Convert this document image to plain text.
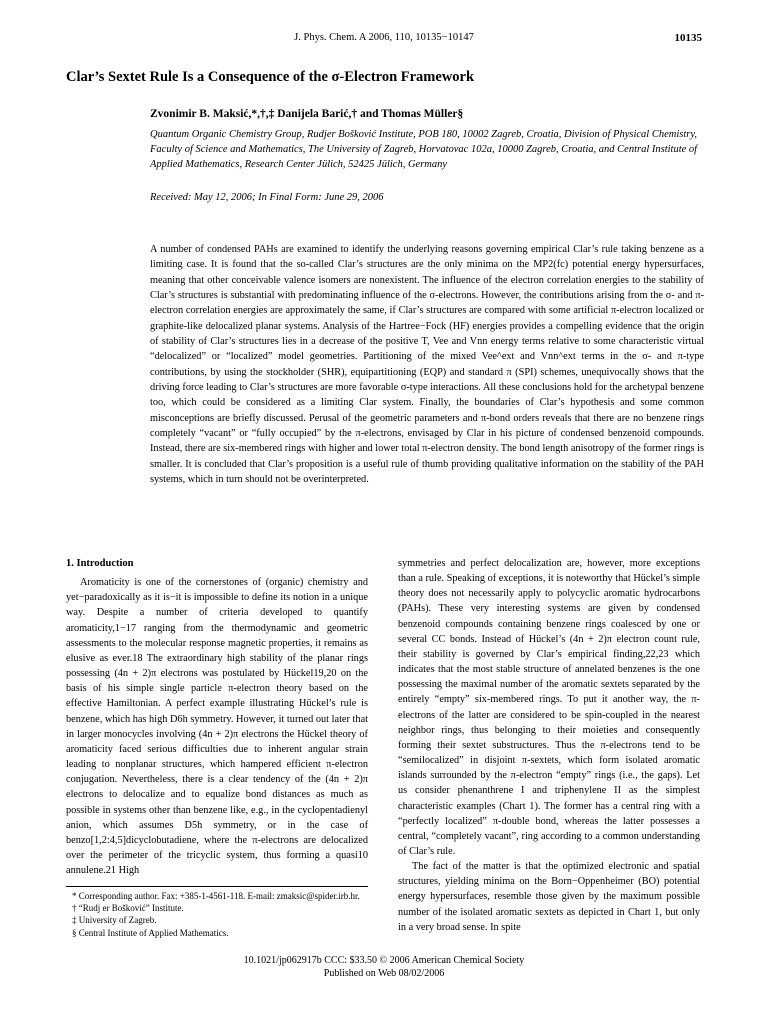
J. Phys. Chem. A 2006, 110, 10135−10147	10135
Clar’s Sextet Rule Is a Consequence of the σ-Electron Framework
Zvonimir B. Maksić,*,†,‡ Danijela Barić,† and Thomas Müller§
Quantum Organic Chemistry Group, Rudjer Bošković Institute, POB 180, 10002 Zagreb, Croatia, Division of Physical Chemistry, Faculty of Science and Mathematics, The University of Zagreb, Horvatovac 102a, 10000 Zagreb, Croatia, and Central Institute of Applied Mathematics, Research Center Jülich, 52425 Jülich, Germany
Received: May 12, 2006; In Final Form: June 29, 2006

A number of condensed PAHs are examined to identify the underlying reasons governing empirical Clar’s rule taking benzene as a limiting case. It is found that the so-called Clar’s structures are the only minima on the MP2(fc) potential energy hypersurfaces, meaning that other conceivable valence isomers are nonexistent. The influence of the electron correlation energies to the stability of Clar’s structures is substantial with predominating influence of the σ-electrons. However, the contributions arising from the σ- and π-electron correlation energies are approximately the same, if Clar’s structures are compared with some artificial π-electron localized or graphite-like delocalized planar systems. Analysis of the Hartree−Fock (HF) energies provides a compelling evidence that the origin of stability of Clar’s structures lies in a decrease of the positive T, Vee and Vnn energy terms relative to some characteristic virtual “delocalized” or “localized” model geometries. Partitioning of the mixed Vee^ext and Vnn^ext terms in the σ- and π-type contributions, by using the stockholder (SHR), equipartitioning (EQP) and standard π (SPI) schemes, unequivocally shows that the driving force leading to Clar’s structures are more favorable σ-type interactions. All these conclusions hold for the archetypal benzene too, which could be considered as a limiting Clar system. Finally, the boundaries of Clar’s hypothesis and some common misconceptions are briefly discussed. Perusal of the geometric parameters and π-bond orders reveals that there are no benzene rings completely “vacant” or “fully occupied” by the π-electrons, envisaged by Clar in his picture of condensed benzenoid compounds. Instead, there are six-membered rings with higher and lower total π-electron density. The bond length anisotropy of the former rings is smaller. It is concluded that Clar’s proposition is a useful rule of thumb providing qualitative information on the stability of the PAH systems, which in turn should not be overinterpreted.

1. Introduction

Aromaticity is one of the cornerstones of (organic) chemistry and yet−paradoxically as it is−it is impossible to define its notion in a unique way. Despite a number of criteria developed to quantify aromaticity,1−17 ranging from the thermodynamic and geometric assessments to the molecular response magnetic properties, it remains as elusive as ever.18 The extraordinary high stability of the planar rings possessing (4n + 2)π electrons was postulated by Hückel19,20 on the basis of his simple single particle π-electron theory based on the effective Hamiltonian. A perfect example illustrating Hückel’s rule is benzene, which has high D6h symmetry. However, it turned out later that in larger monocycles involving (4n + 2)π electrons the Hückel theory of aromaticity faced serious difficulties due to inherent angular strain leading to nonplanar structures, which hampered efficient π-electron conjugation. Nevertheless, there is a clear tendency of the (4n + 2)π electrons to delocalize and to equalize bond distances as much as possible in systems other than benzene like, e.g., in the cyclopentadienyl anion, which assumes D5h symmetry, or in the case of benzo[1,2:4,5]dicyclobutadiene, where the π-electrons are delocalized over the perimeter of the tricyclic system, thus forming a quasi10 annulene.21 High

symmetries and perfect delocalization are, however, more exceptions than a rule. Speaking of exceptions, it is noteworthy that Hückel’s simple theory does not necessarily apply to polycyclic aromatic hydrocarbons (PAHs). These very interesting systems are given by condensed benzenoid compounds containing benzene rings coalesced by one or several CC bonds. Instead of Hückel’s (4n + 2)π electron count rule, their stability is governed by Clar’s empirical finding,22,23 which indicates that the most stable structure of annelated benzenes is the one possessing the maximal number of the aromatic sextets separated by the entirely “empty” six-membered rings. To put it another way, the π-electrons of the latter are considered to be spin-coupled in the nearest neighbor rings, thus belonging to their moieties and consequently forming their sextet substructures. Thus the π-electrons tend to be “semilocalized” in disjoint π-sextets, which form isolated aromatic islands surrounded by the π-electron “empty” rings (i.e., the gaps). Let us consider phenanthrene I and triphenylene II as the simplest characteristic examples (Chart 1). The former has a central ring with a “perfectly localized” π-double bond, whereas the latter possesses a central, “completely vacant”, ring according to a common understanding of Clar’s rule.

The fact of the matter is that the optimized electronic and spatial structures, yielding minima on the Born−Oppenheimer (BO) potential energy hypersurfaces, resemble those given by the maximum possible number of the isolated aromatic sextets as depicted in Chart 1, but only in a very broad sense. In spite

* Corresponding author. Fax: +385-1-4561-118. E-mail: zmaksic@spider.irb.hr.
† “Rudj er Bošković” Institute.
‡ University of Zagreb.
§ Central Institute of Applied Mathematics.
10.1021/jp062917b CCC: $33.50 © 2006 American Chemical Society
Published on Web 08/02/2006
